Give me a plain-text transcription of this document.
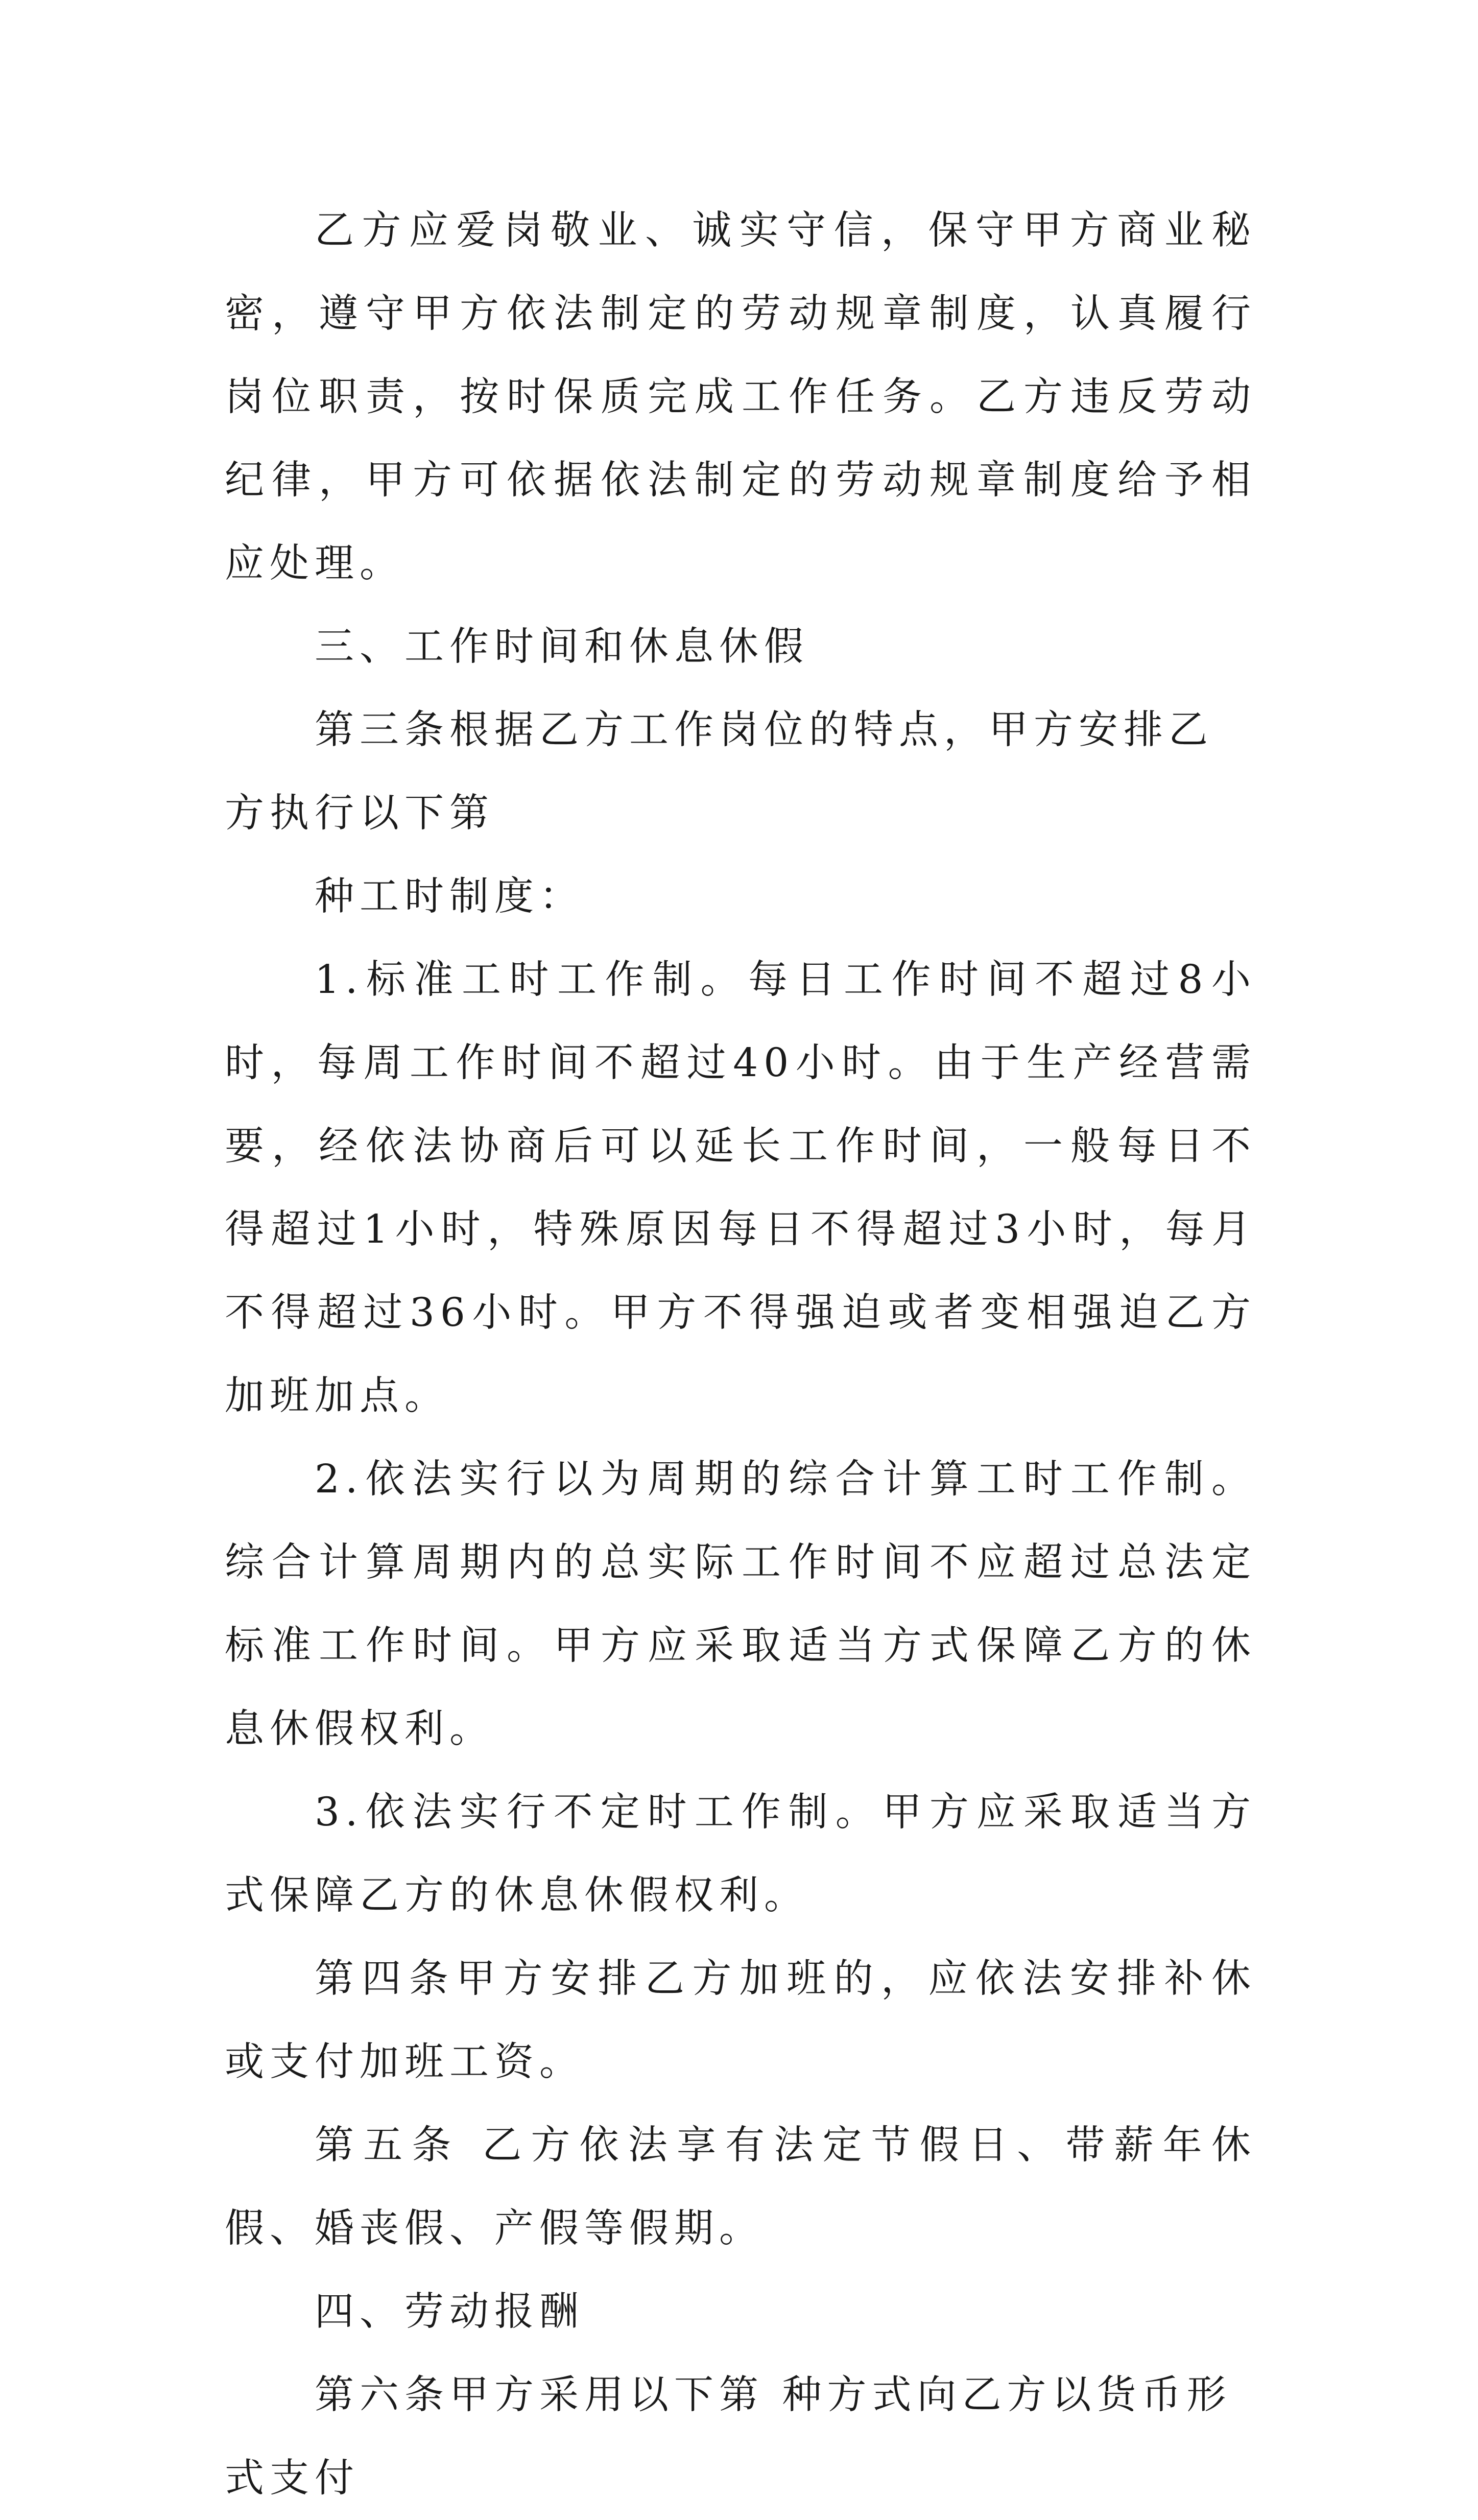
乙方应爱岗敬业、诚实守信，保守甲方商业秘密，遵守甲方依法制定的劳动规章制度，认真履行岗位职责，按时保质完成工作任务。乙方违反劳动纪律，甲方可依据依法制定的劳动规章制度给予相应处理。

三、工作时间和休息休假

第三条根据乙方工作岗位的特点，甲方安排乙方执行以下第

种工时制度：

1.标准工时工作制。每日工作时间不超过8小时，每周工作时间不超过40小时。由于生产经营需要，经依法协商后可以延长工作时间，一般每日不得超过1小时，特殊原因每日不得超过3小时，每月不得超过36小时。甲方不得强迫或者变相强迫乙方加班加点。

2.依法实行以为周期的综合计算工时工作制。综合计算周期内的总实际工作时间不应超过总法定标准工作时间。甲方应采取适当方式保障乙方的休息休假权利。

3.依法实行不定时工作制。甲方应采取适当方式保障乙方的休息休假权利。

第四条甲方安排乙方加班的，应依法安排补休或支付加班工资。

第五条 乙方依法享有法定节假日、带薪年休假、婚丧假、产假等假期。

四、劳动报酬

第六条甲方采用以下第 种方式向乙方以货币形式支付
